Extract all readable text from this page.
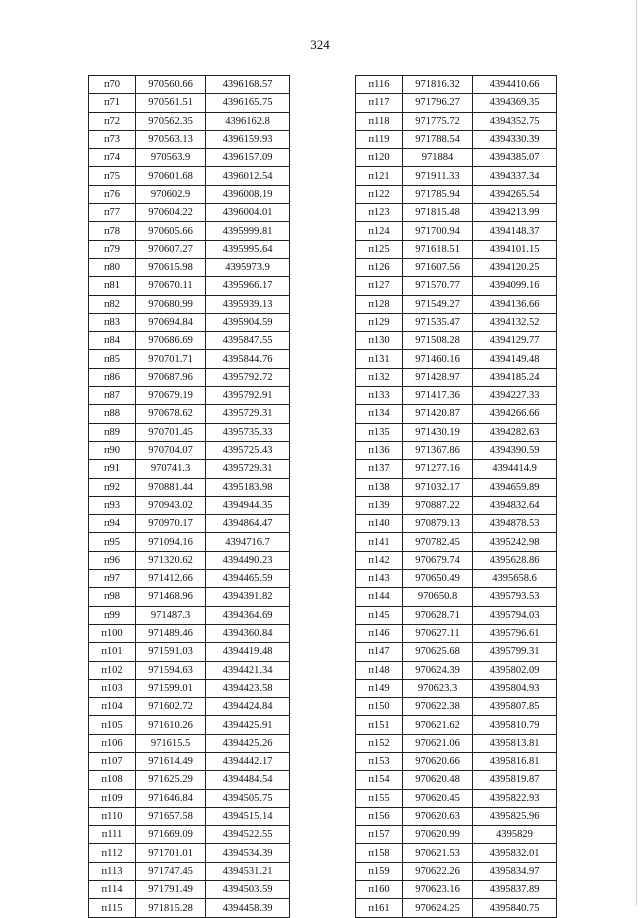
324
п70	970560.66	4396168.57
п71	970561.51	4396165.75
п72	970562.35	4396162.8
п73	970563.13	4396159.93
п74	970563.9	4396157.09
п75	970601.68	4396012.54
п76	970602.9	4396008.19
п77	970604.22	4396004.01
п78	970605.66	4395999.81
п79	970607.27	4395995.64
п80	970615.98	4395973.9
п81	970670.11	4395966.17
п82	970680.99	4395939.13
п83	970694.84	4395904.59
п84	970686.69	4395847.55
п85	970701.71	4395844.76
п86	970687.96	4395792.72
п87	970679.19	4395792.91
п88	970678.62	4395729.31
п89	970701.45	4395735.33
п90	970704.07	4395725.43
п91	970741.3	4395729.31
п92	970881.44	4395183.98
п93	970943.02	4394944.35
п94	970970.17	4394864.47
п95	971094.16	4394716.7
п96	971320.62	4394490.23
п97	971412.66	4394465.59
п98	971468.96	4394391.82
п99	971487.3	4394364.69
п100	971489.46	4394360.84
п101	971591.03	4394419.48
п102	971594.63	4394421.34
п103	971599.01	4394423.58
п104	971602.72	4394424.84
п105	971610.26	4394425.91
п106	971615.5	4394425.26
п107	971614.49	4394442.17
п108	971625.29	4394484.54
п109	971646.84	4394505.75
п110	971657.58	4394515.14
п111	971669.09	4394522.55
п112	971701.01	4394534.39
п113	971747.45	4394531.21
п114	971791.49	4394503.59
п115	971815.28	4394458.39
п116	971816.32	4394410.66
п117	971796.27	4394369.35
п118	971775.72	4394352.75
п119	971788.54	4394330.39
п120	971884	4394385.07
п121	971911.33	4394337.34
п122	971785.94	4394265.54
п123	971815.48	4394213.99
п124	971700.94	4394148.37
п125	971618.51	4394101.15
п126	971607.56	4394120.25
п127	971570.77	4394099.16
п128	971549.27	4394136.66
п129	971535.47	4394132.52
п130	971508.28	4394129.77
п131	971460.16	4394149.48
п132	971428.97	4394185.24
п133	971417.36	4394227.33
п134	971420.87	4394266.66
п135	971430.19	4394282.63
п136	971367.86	4394390.59
п137	971277.16	4394414.9
п138	971032.17	4394659.89
п139	970887.22	4394832.64
п140	970879.13	4394878.53
п141	970782.45	4395242.98
п142	970679.74	4395628.86
п143	970650.49	4395658.6
п144	970650.8	4395793.53
п145	970628.71	4395794.03
п146	970627.11	4395796.61
п147	970625.68	4395799.31
п148	970624.39	4395802.09
п149	970623.3	4395804.93
п150	970622.38	4395807.85
п151	970621.62	4395810.79
п152	970621.06	4395813.81
п153	970620.66	4395816.81
п154	970620.48	4395819.87
п155	970620.45	4395822.93
п156	970620.63	4395825.96
п157	970620.99	4395829
п158	970621.53	4395832.01
п159	970622.26	4395834.97
п160	970623.16	4395837.89
п161	970624.25	4395840.75
